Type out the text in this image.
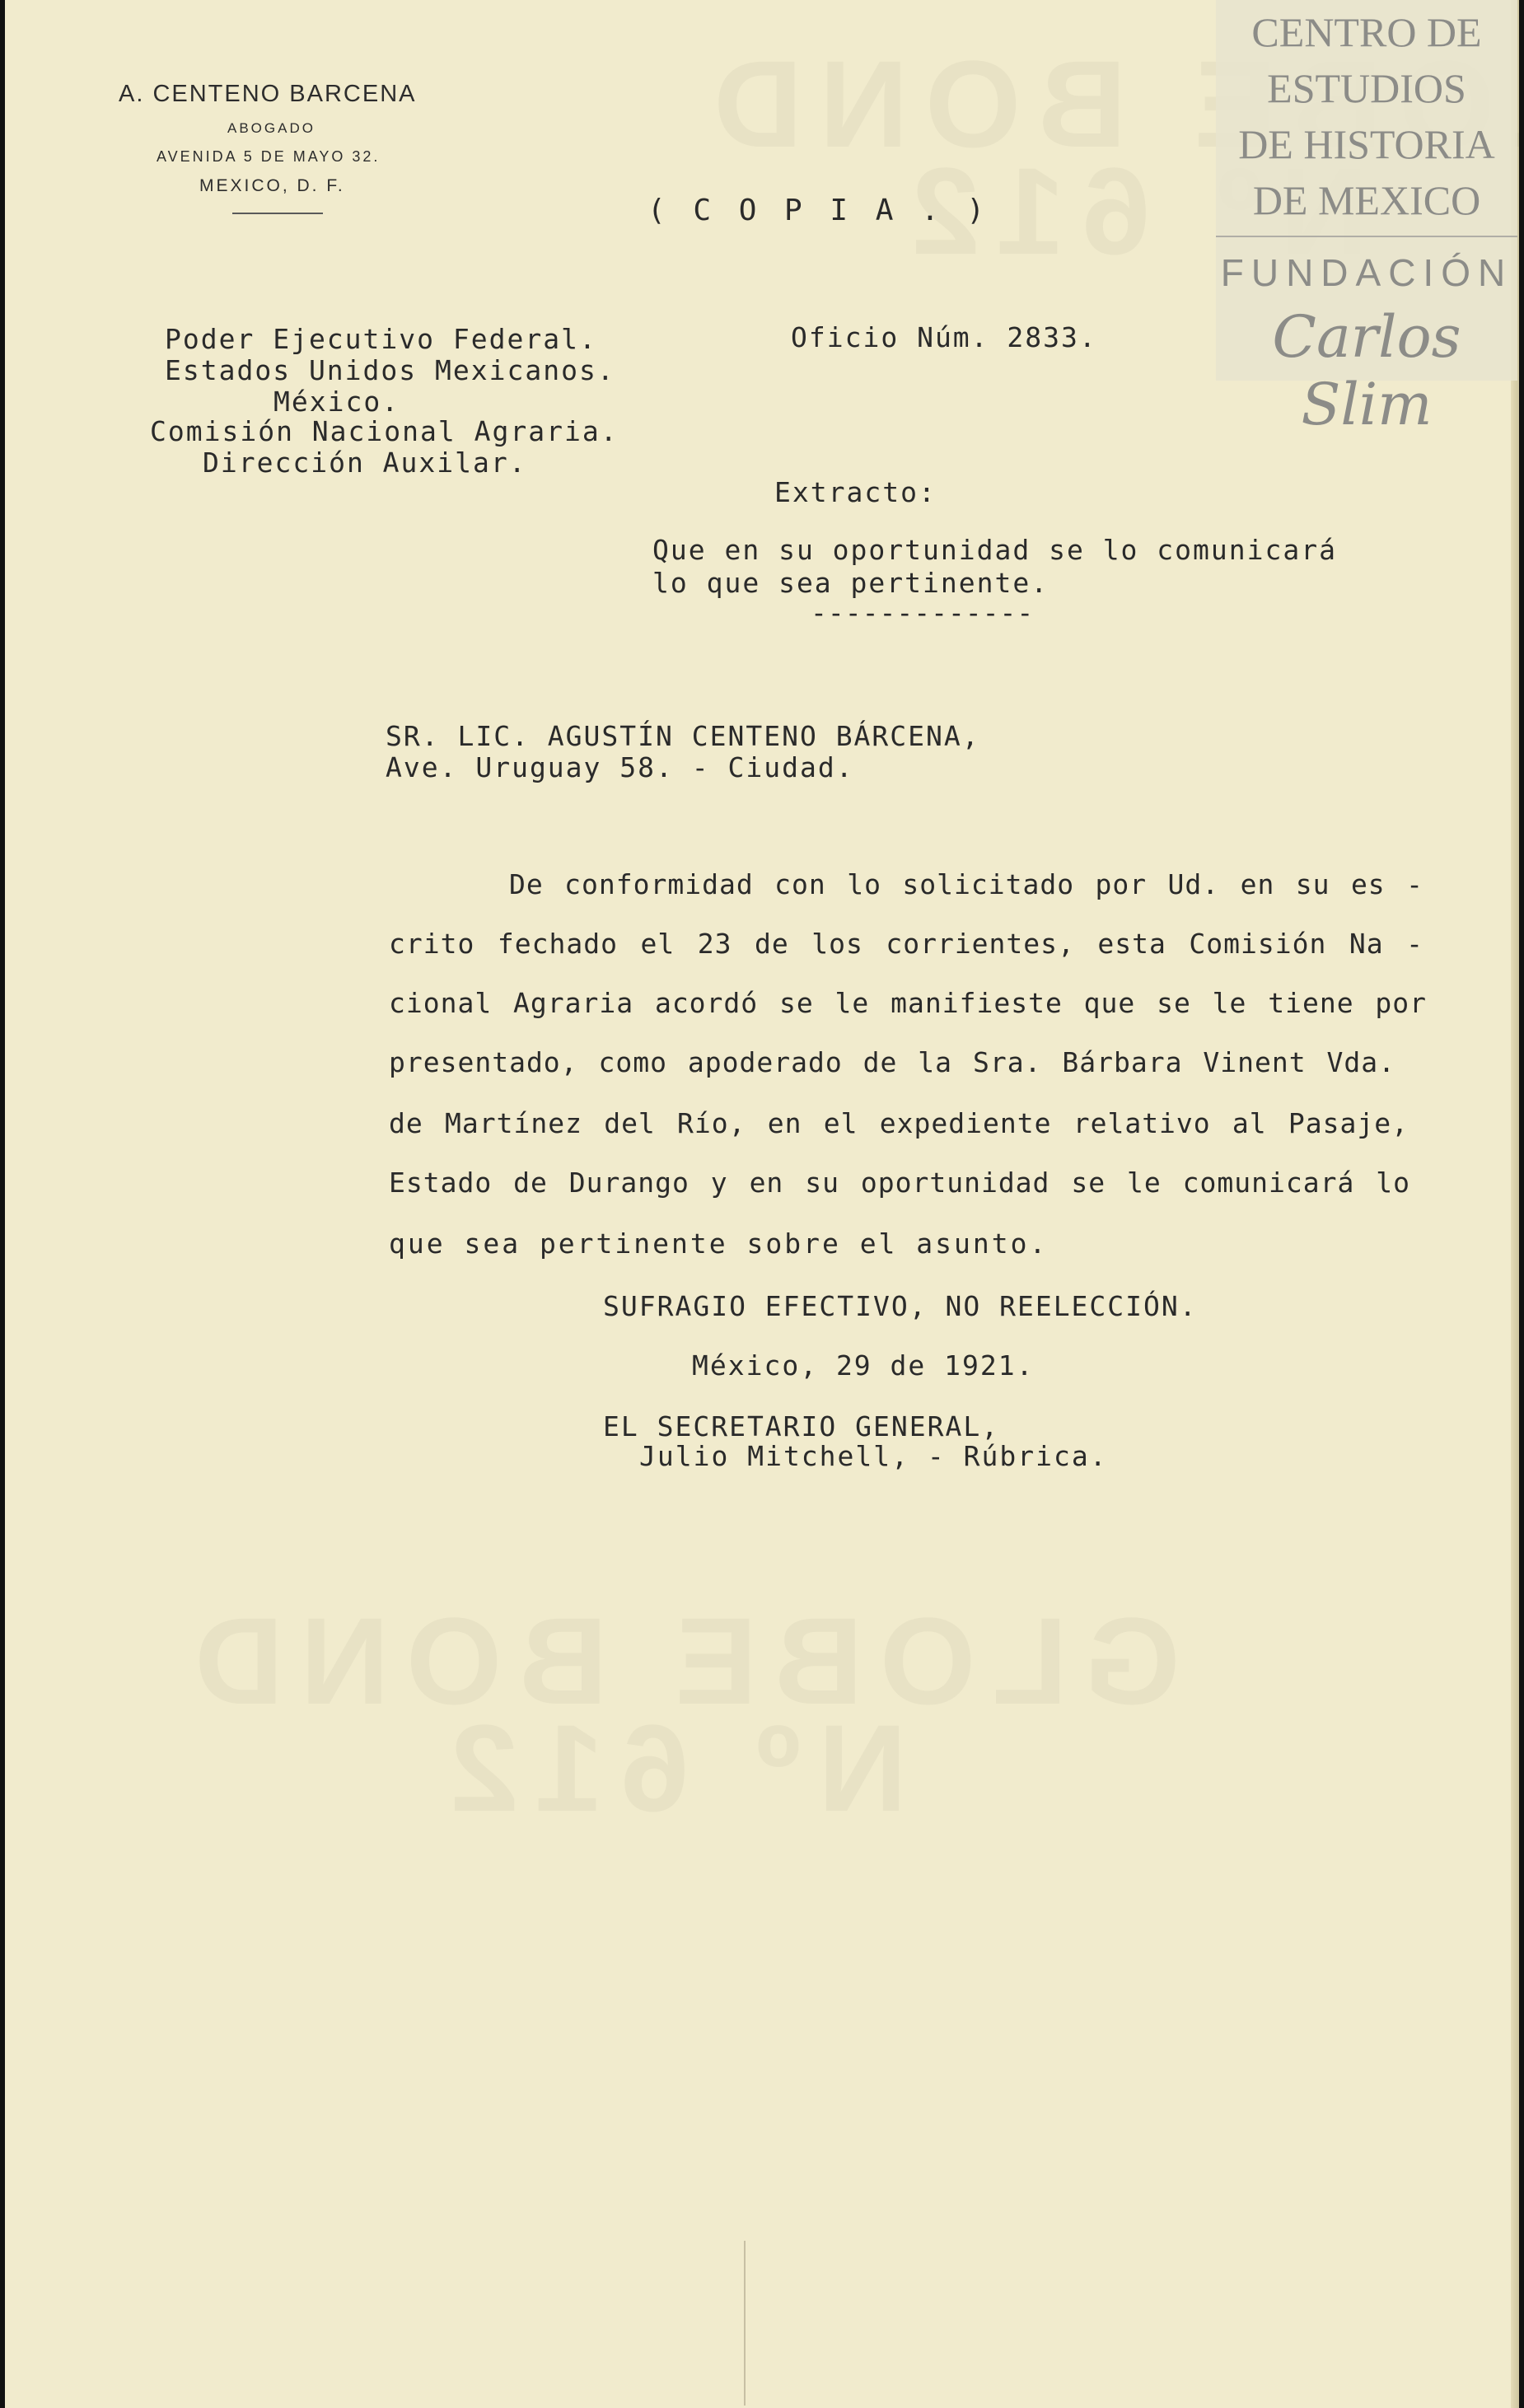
A. CENTENO BARCENA
ABOGADO
AVENIDA 5 DE MAYO 32.
MEXICO, D. F.
( C O P I A . )
Poder Ejecutivo Federal.
Estados Unidos Mexicanos.
México.
Comisión Nacional Agraria.
Dirección Auxilar.
Oficio Núm. 2833.
Extracto:
Que en su oportunidad se lo comunicará
lo que sea pertinente.
-------------
SR. LIC. AGUSTÍN CENTENO BÁRCENA,
Ave. Uruguay 58. - Ciudad.
De conformidad con lo solicitado por Ud. en su es -
crito fechado el 23 de los corrientes, esta Comisión Na -
cional Agraria acordó se le manifieste que se le tiene por
presentado, como apoderado de la Sra. Bárbara Vinent Vda.
de Martínez del Río, en el expediente relativo al Pasaje,
Estado de Durango y en su oportunidad se le comunicará lo
que sea pertinente sobre el asunto.
SUFRAGIO EFECTIVO, NO REELECCIÓN.
México, 29 de 1921.
EL SECRETARIO GENERAL,
Julio Mitchell, - Rúbrica.
CENTRO DE
ESTUDIOS
DE HISTORIA
DE MEXICO
FUNDACIÓN
Carlos Slim
